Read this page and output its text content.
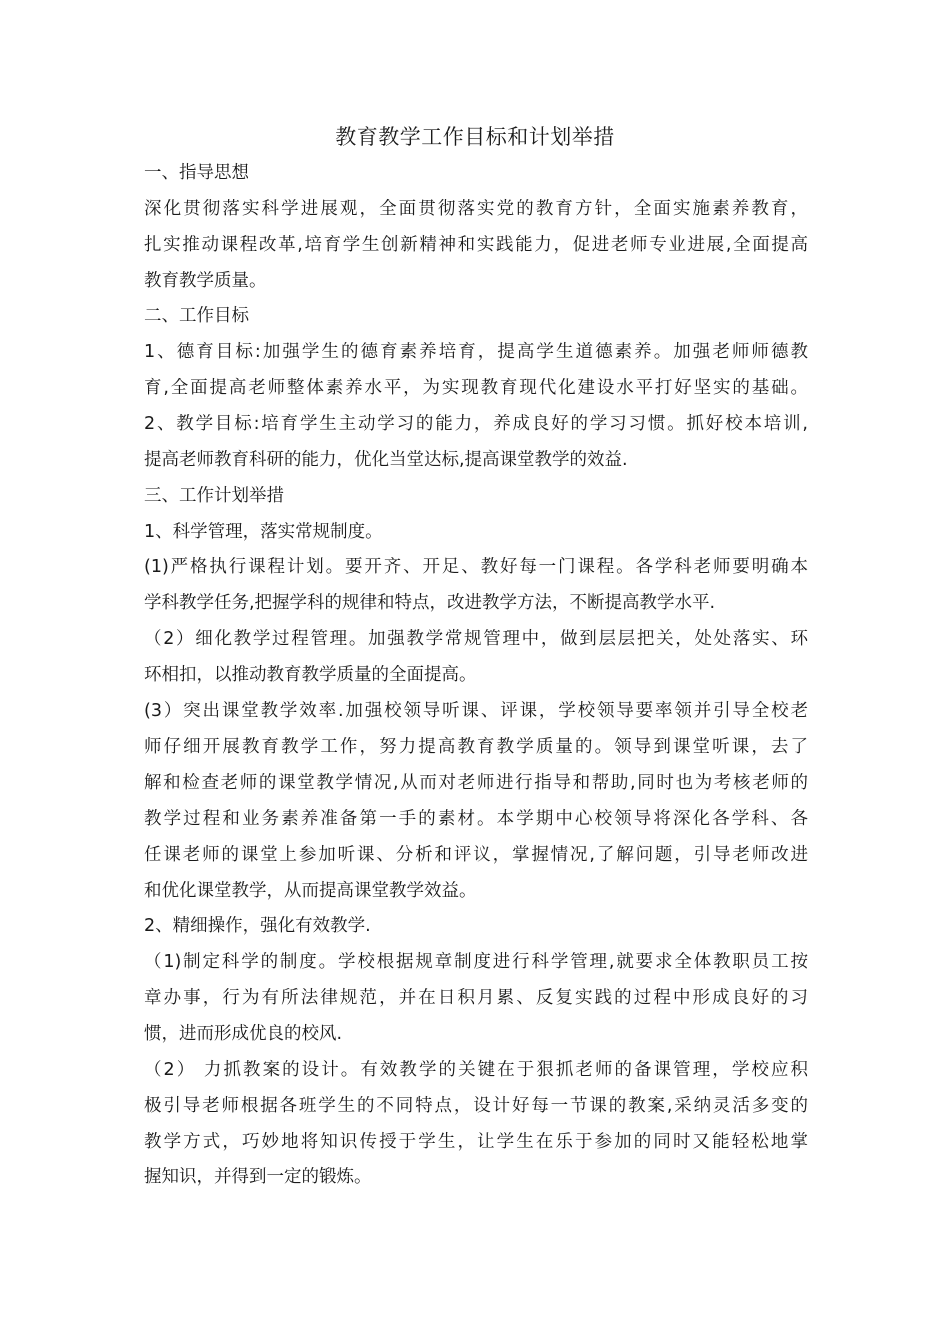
教育教学工作目标和计划举措
一、指导思想
深化贯彻落实科学进展观，全面贯彻落实党的教育方针，全面实施素养教育，
扎实推动课程改革,培育学生创新精神和实践能力，促进老师专业进展,全面提高
教育教学质量。
二、工作目标
1、德育目标:加强学生的德育素养培育，提高学生道德素养。加强老师师德教
育,全面提高老师整体素养水平，为实现教育现代化建设水平打好坚实的基础。
2、教学目标:培育学生主动学习的能力，养成良好的学习习惯。抓好校本培训,
提高老师教育科研的能力，优化当堂达标,提高课堂教学的效益.
三、工作计划举措
1、科学管理，落实常规制度。
(1)严格执行课程计划。要开齐、开足、教好每一门课程。各学科老师要明确本
学科教学任务,把握学科的规律和特点，改进教学方法，不断提高教学水平.
（2）细化教学过程管理。加强教学常规管理中，做到层层把关，处处落实、环
环相扣，以推动教育教学质量的全面提高。
(3）突出课堂教学效率.加强校领导听课、评课，学校领导要率领并引导全校老
师仔细开展教育教学工作，努力提高教育教学质量的。领导到课堂听课，去了
解和检查老师的课堂教学情况,从而对老师进行指导和帮助,同时也为考核老师的
教学过程和业务素养准备第一手的素材。本学期中心校领导将深化各学科、各
任课老师的课堂上参加听课、分析和评议，掌握情况,了解问题，引导老师改进
和优化课堂教学，从而提高课堂教学效益。
2、精细操作，强化有效教学.
（1)制定科学的制度。学校根据规章制度进行科学管理,就要求全体教职员工按
章办事，行为有所法律规范，并在日积月累、反复实践的过程中形成良好的习
惯，进而形成优良的校风.
（2） 力抓教案的设计。有效教学的关键在于狠抓老师的备课管理，学校应积
极引导老师根据各班学生的不同特点，设计好每一节课的教案,采纳灵活多变的
教学方式，巧妙地将知识传授于学生，让学生在乐于参加的同时又能轻松地掌
握知识，并得到一定的锻炼。
